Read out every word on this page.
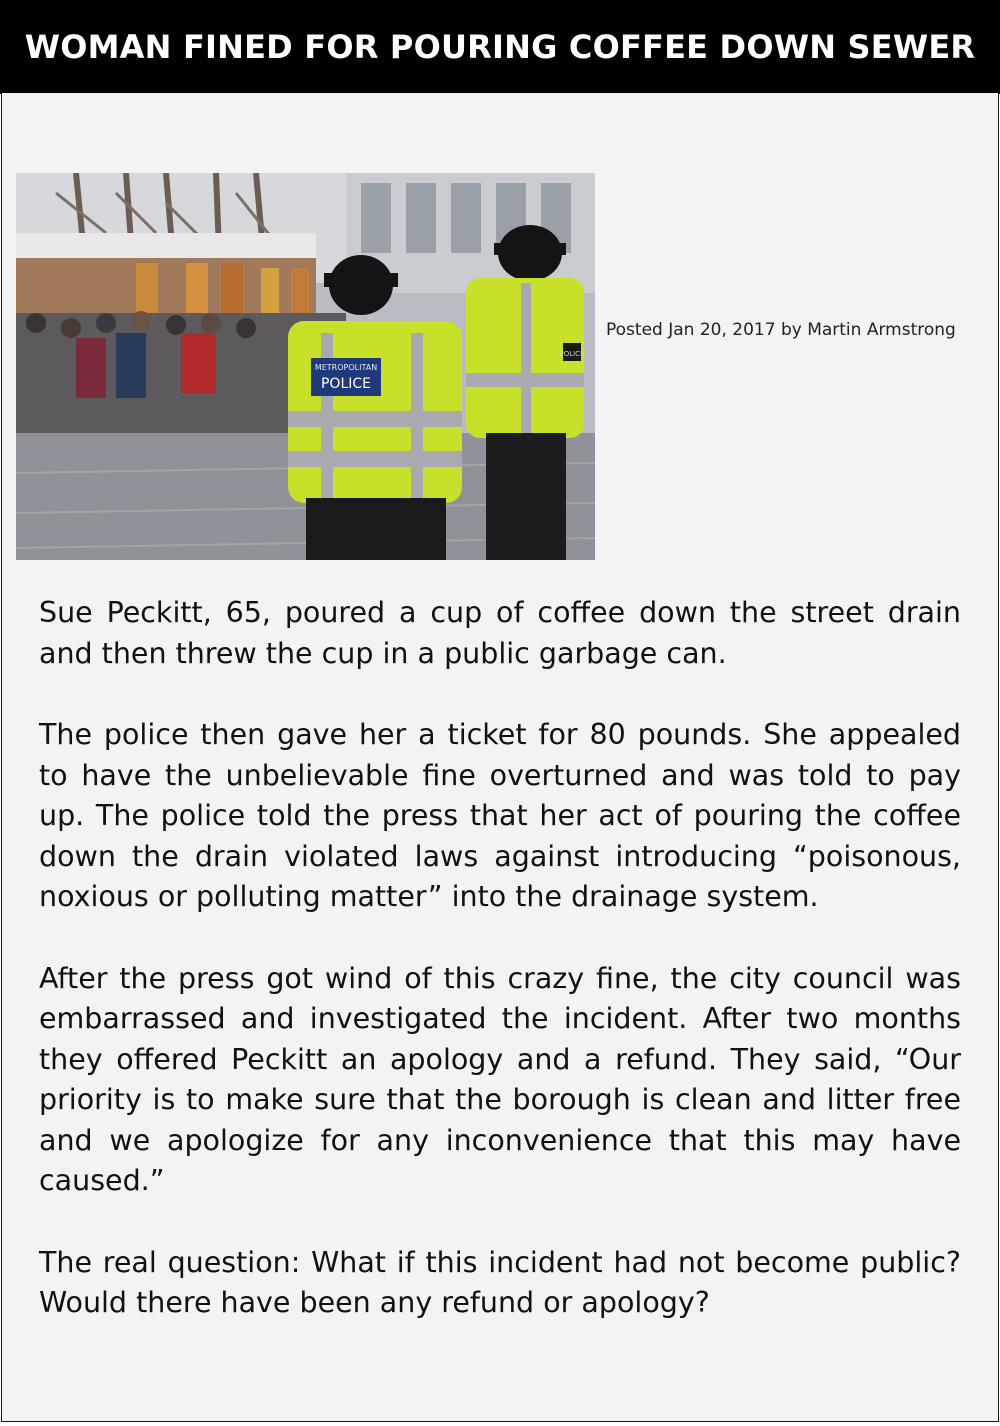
WOMAN FINED FOR POURING COFFEE DOWN SEWER
POLICE
METROPOLITAN
POLICE
Posted Jan 20, 2017 by Martin Armstrong

Sue Peckitt, 65, poured a cup of coffee down the street drain and then threw the cup in a public garbage can.

The police then gave her a ticket for 80 pounds. She appealed to have the unbelievable fine overturned and was told to pay up. The police told the press that her act of pouring the coffee down the drain violated laws against introducing “poisonous, noxious or polluting matter” into the drainage system.

After the press got wind of this crazy fine, the city council was embarrassed and investigated the incident. After two months they offered Peckitt an apology and a refund. They said, “Our priority is to make sure that the borough is clean and litter free and we apologize for any inconvenience that this may have caused.”

The real question: What if this incident had not become public? Would there have been any refund or apology?
